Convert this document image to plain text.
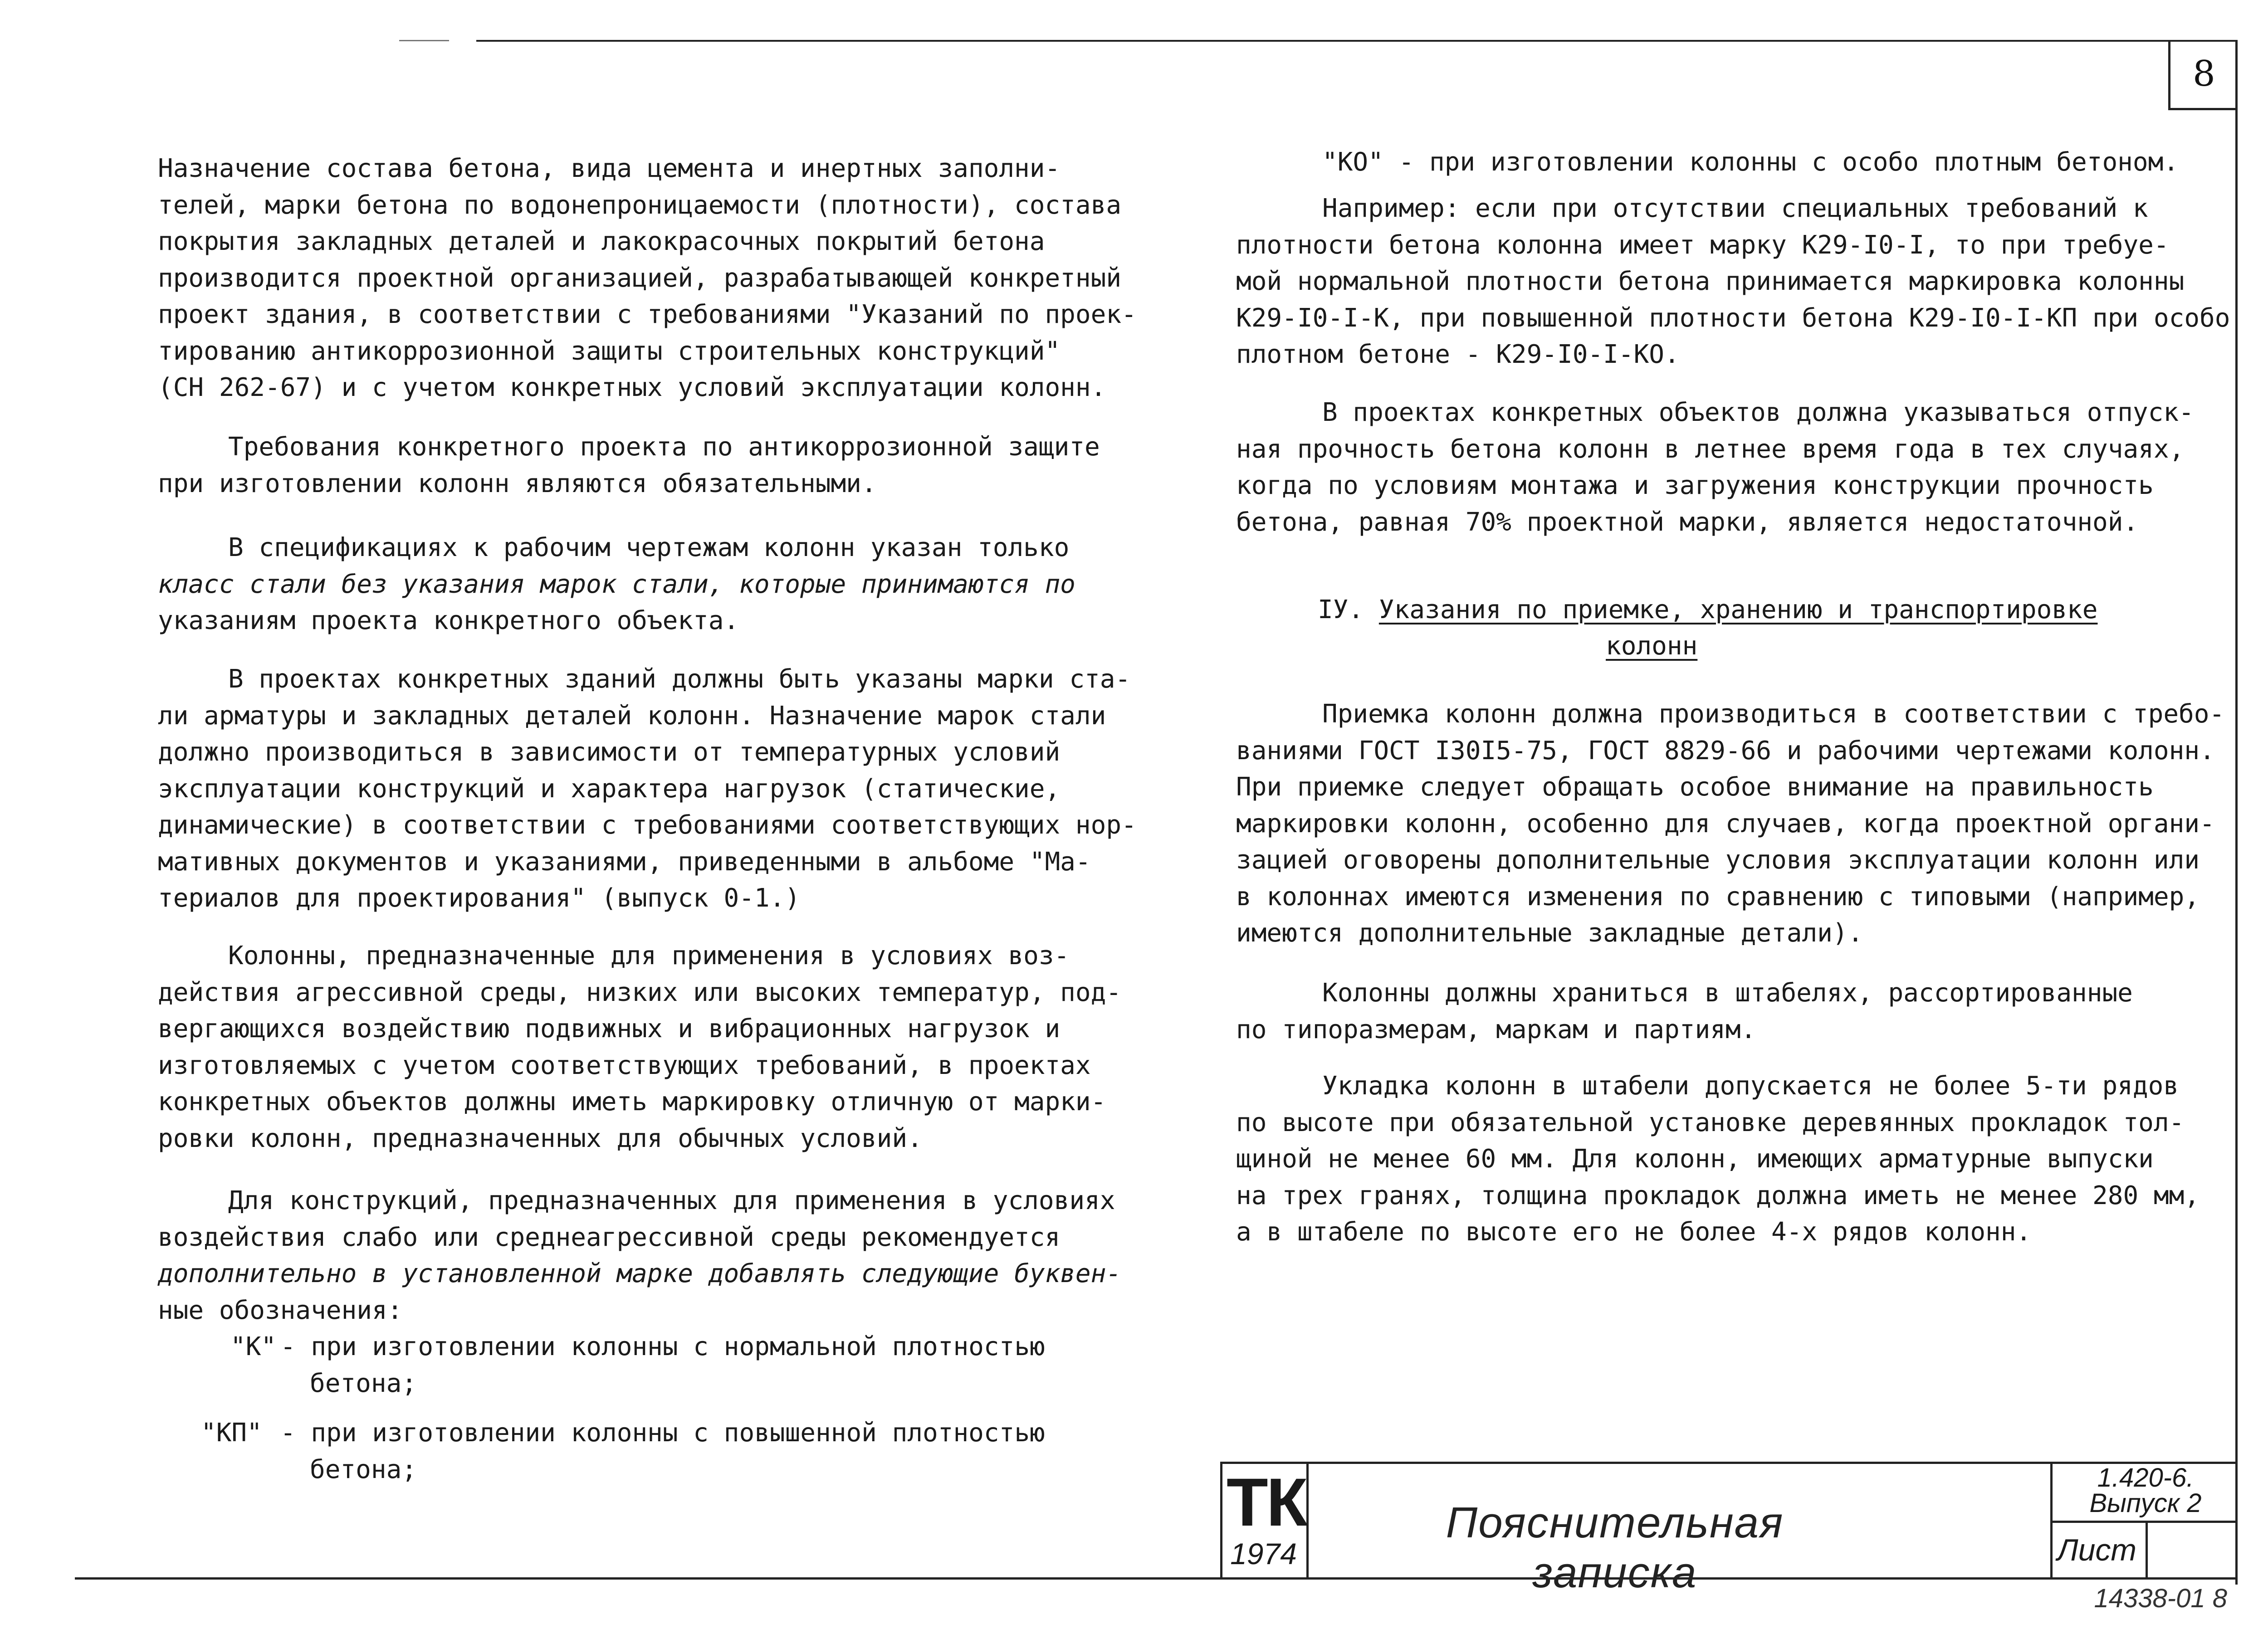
8

Назначение состава бетона, вида цемента и инертных заполни-
телей, марки бетона по водонепроницаемости (плотности), состава
покрытия закладных деталей и лакокрасочных покрытий бетона
производится проектной организацией, разрабатывающей конкретный
проект здания, в соответствии с требованиями "Указаний по проек-
тированию антикоррозионной защиты строительных конструкций"
(СН 262-67) и с учетом конкретных условий эксплуатации колонн.

Требования конкретного проекта по антикоррозионной защите
при изготовлении колонн являются обязательными.

В спецификациях к рабочим чертежам колонн указан только
класс стали без указания марок стали, которые принимаются по
указаниям проекта конкретного объекта.

В проектах конкретных зданий должны быть указаны марки ста-
ли арматуры и закладных деталей колонн. Назначение марок стали
должно производиться в зависимости от температурных условий
эксплуатации конструкций и характера нагрузок (статические,
динамические) в соответствии с требованиями соответствующих нор-
мативных документов и указаниями, приведенными в альбоме "Ма-
териалов для проектирования" (выпуск 0-1.)

Колонны, предназначенные для применения в условиях воз-
действия агрессивной среды, низких или высоких температур, под-
вергающихся воздействию подвижных и вибрационных нагрузок и
изготовляемых с учетом соответствующих требований, в проектах
конкретных объектов должны иметь маркировку отличную от марки-
ровки колонн, предназначенных для обычных условий.

Для конструкций, предназначенных для применения в условиях
воздействия слабо или среднеагрессивной среды рекомендуется
дополнительно в установленной марке добавлять следующие буквен-
ные обозначения:

"К" - при изготовлении колонны с нормальной плотностью
бетона;
"КП" - при изготовлении колонны с повышенной плотностью
бетона;

"КО" - при изготовлении колонны с особо плотным бетоном.

Например: если при отсутствии специальных требований к
плотности бетона колонна имеет марку К29-I0-I, то при требуе-
мой нормальной плотности бетона принимается маркировка колонны
К29-I0-I-К, при повышенной плотности бетона К29-I0-I-КП при особо
плотном бетоне - К29-I0-I-КО.

В проектах конкретных объектов должна указываться отпуск-
ная прочность бетона колонн в летнее время года в тех случаях,
когда по условиям монтажа и загружения конструкции прочность
бетона, равная 70% проектной марки, является недостаточной.

IУ. Указания по приемке, хранению и транспортировке
колонн

Приемка колонн должна производиться в соответствии с требо-
ваниями ГОСТ I30I5-75, ГОСТ 8829-66 и рабочими чертежами колонн.
При приемке следует обращать особое внимание на правильность
маркировки колонн, особенно для случаев, когда проектной органи-
зацией оговорены дополнительные условия эксплуатации колонн или
в колоннах имеются изменения по сравнению с типовыми (например,
имеются дополнительные закладные детали).

Колонны должны храниться в штабелях, рассортированные
по типоразмерам, маркам и партиям.

Укладка колонн в штабели допускается не более 5-ти рядов
по высоте при обязательной установке деревянных прокладок тол-
щиной не менее 60 мм. Для колонн, имеющих арматурные выпуски
на трех гранях, толщина прокладок должна иметь не менее 280 мм,
а в штабеле по высоте его не более 4-х рядов колонн.

ТК
1974
Пояснительная записка
1.420-6.
Выпуск 2
Лист
14338-01 8
